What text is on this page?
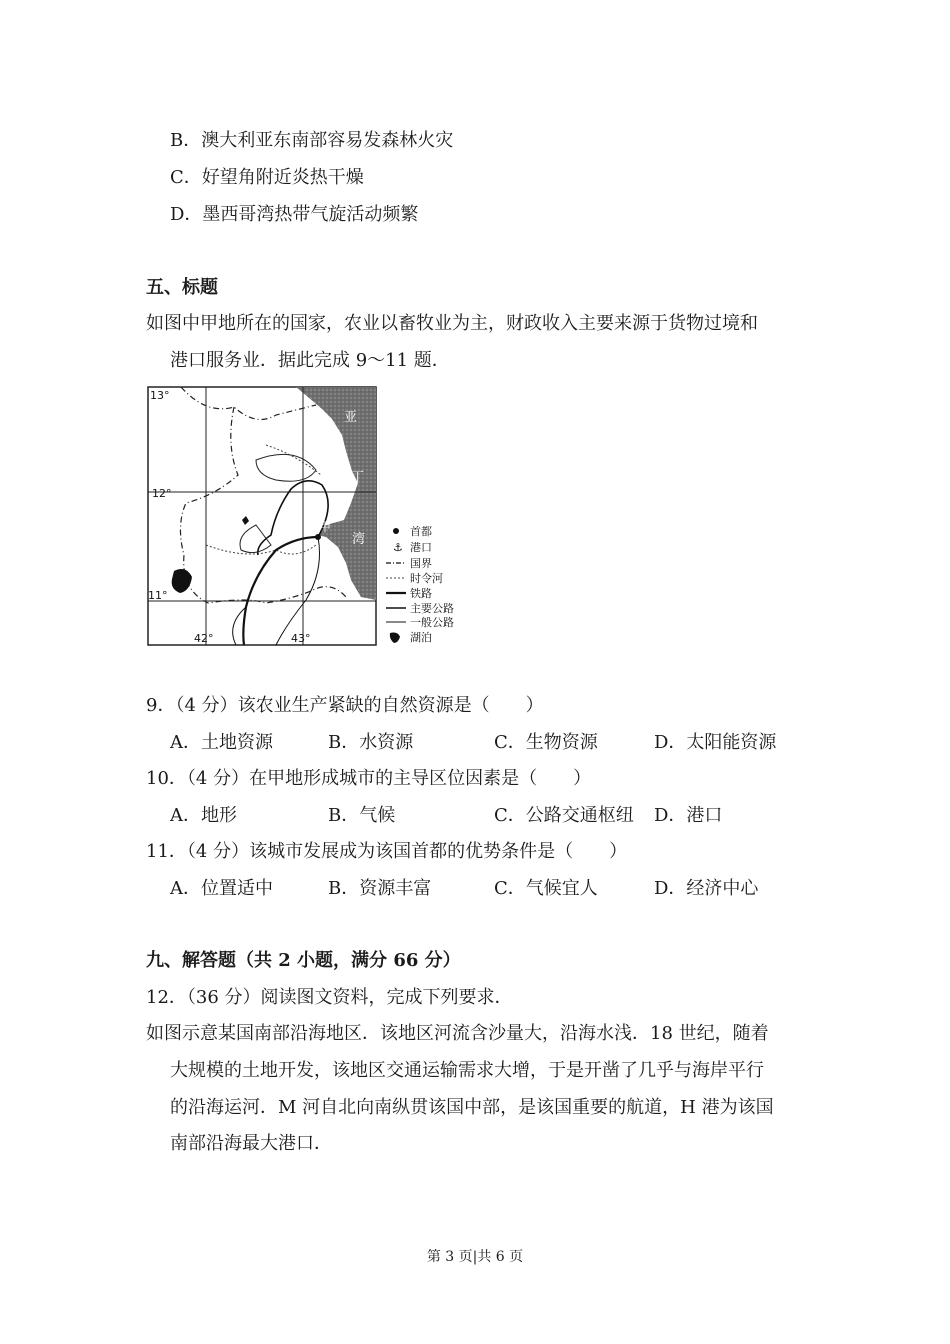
B．澳大利亚东南部容易发森林火灾
C．好望角附近炎热干燥
D．墨西哥湾热带气旋活动频繁
五、标题
如图中甲地所在的国家，农业以畜牧业为主，财政收入主要来源于货物过境和
港口服务业．据此完成 9～11 题．
甲
亚
丁
湾
13°
12°
11°
42°	43°
首都
⚓ 港口
国界
时令河
铁路
主要公路
一般公路
湖泊
9．（4 分）该农业生产紧缺的自然资源是（　　）
A．土地资源	B．水资源	C．生物资源	D．太阳能资源
10．（4 分）在甲地形成城市的主导区位因素是（　　）
A．地形	B．气候	C．公路交通枢纽 D．港口
11．（4 分）该城市发展成为该国首都的优势条件是（　　）
A．位置适中	B．资源丰富	C．气候宜人	D．经济中心
九、解答题（共 2 小题，满分 66 分）
12．（36 分）阅读图文资料，完成下列要求．
如图示意某国南部沿海地区．该地区河流含沙量大，沿海水浅．18 世纪，随着
大规模的土地开发，该地区交通运输需求大增，于是开凿了几乎与海岸平行
的沿海运河．M 河自北向南纵贯该国中部，是该国重要的航道，H 港为该国
南部沿海最大港口．
第 3 页|共 6 页
